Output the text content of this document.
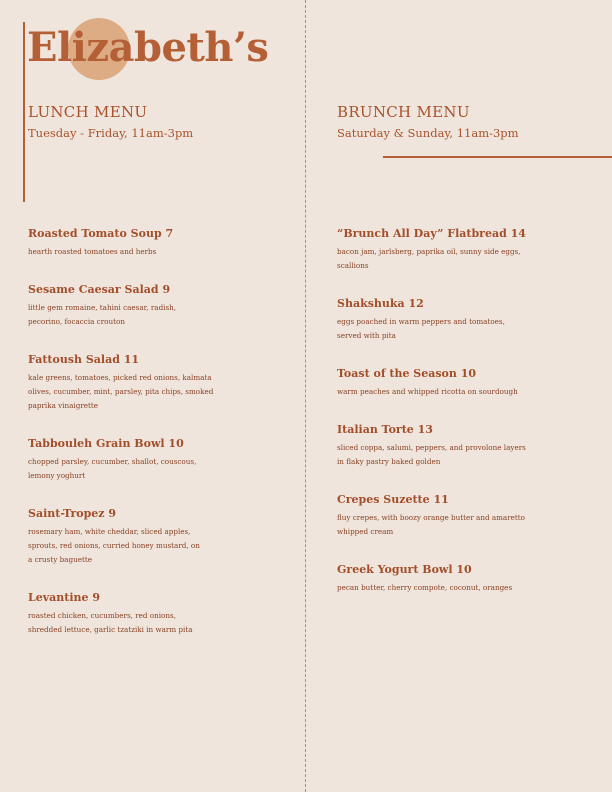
Elizabeth’s
LUNCH MENU
Tuesday - Friday, 11am-3pm
BRUNCH MENU
Saturday & Sunday, 11am-3pm
Roasted Tomato Soup 7
hearth roasted tomatoes and herbs
Sesame Caesar Salad 9
little gem romaine, tahini caesar, radish,
pecorino, focaccia crouton
Fattoush Salad 11
kale greens, tomatoes, picked red onions, kalmata
olives, cucumber, mint, parsley, pita chips, smoked
paprika vinaigrette
Tabbouleh Grain Bowl 10
chopped parsley, cucumber, shallot, couscous,
lemony yoghurt
Saint-Tropez 9
rosemary ham, white cheddar, sliced apples,
sprouts, red onions, curried honey mustard, on
a crusty baguette
Levantine 9
roasted chicken, cucumbers, red onions,
shredded lettuce, garlic tzatziki in warm pita
“Brunch All Day” Flatbread 14
bacon jam, jarlsberg, paprika oil, sunny side eggs,
scallions
Shakshuka 12
eggs poached in warm peppers and tomatoes,
served with pita
Toast of the Season 10
warm peaches and whipped ricotta on sourdough
Italian Torte 13
sliced coppa, salumi, peppers, and provolone layers
in flaky pastry baked golden
Crepes Suzette 11
fluy crepes, with boozy orange butter and amaretto
whipped cream
Greek Yogurt Bowl 10
pecan butter, cherry compote, coconut, oranges
